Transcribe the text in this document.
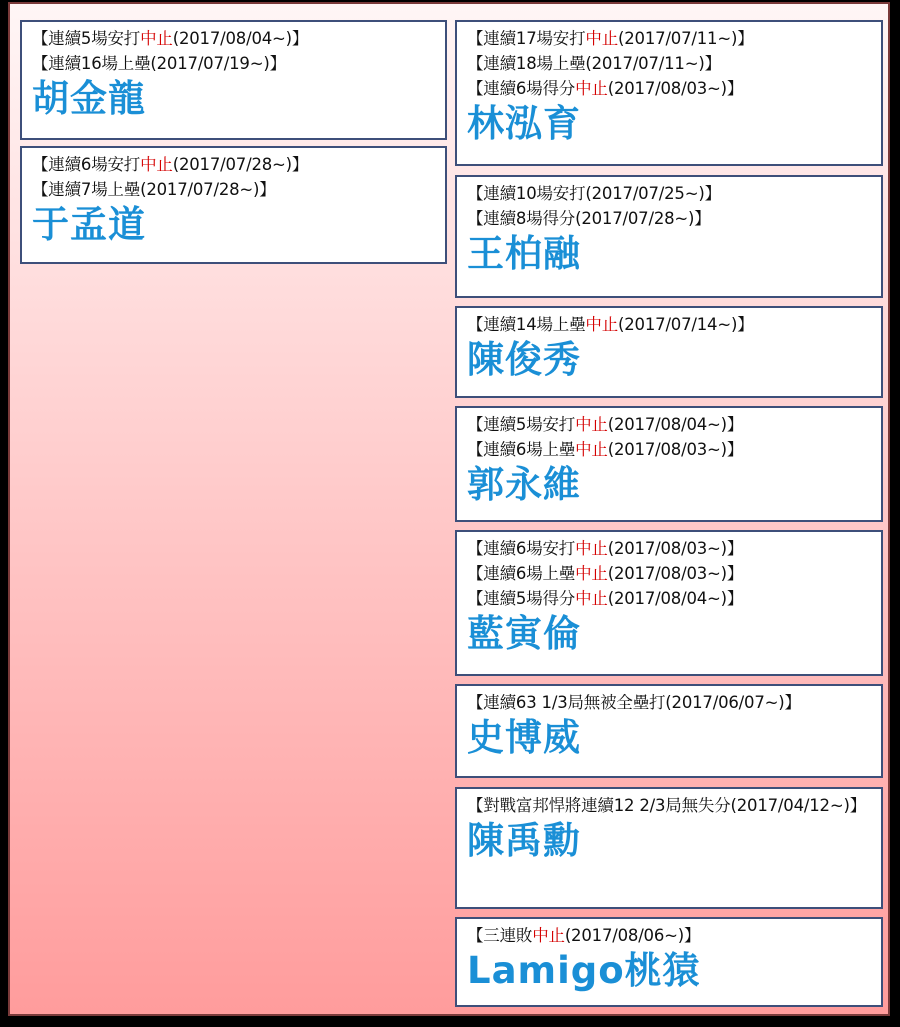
【連續5場安打中止(2017/08/04~)】
【連續16場上壘(2017/07/19~)】
胡金龍
【連續6場安打中止(2017/07/28~)】
【連續7場上壘(2017/07/28~)】
于孟道
【連續17場安打中止(2017/07/11~)】
【連續18場上壘(2017/07/11~)】
【連續6場得分中止(2017/08/03~)】
林泓育
【連續10場安打(2017/07/25~)】
【連續8場得分(2017/07/28~)】
王柏融
【連續14場上壘中止(2017/07/14~)】
陳俊秀
【連續5場安打中止(2017/08/04~)】
【連續6場上壘中止(2017/08/03~)】
郭永維
【連續6場安打中止(2017/08/03~)】
【連續6場上壘中止(2017/08/03~)】
【連續5場得分中止(2017/08/04~)】
藍寅倫
【連續63 1/3局無被全壘打(2017/06/07~)】
史博威
【對戰富邦悍將連續12 2/3局無失分(2017/04/12~)】
陳禹勳
【三連敗中止(2017/08/06~)】
Lamigo桃猿
